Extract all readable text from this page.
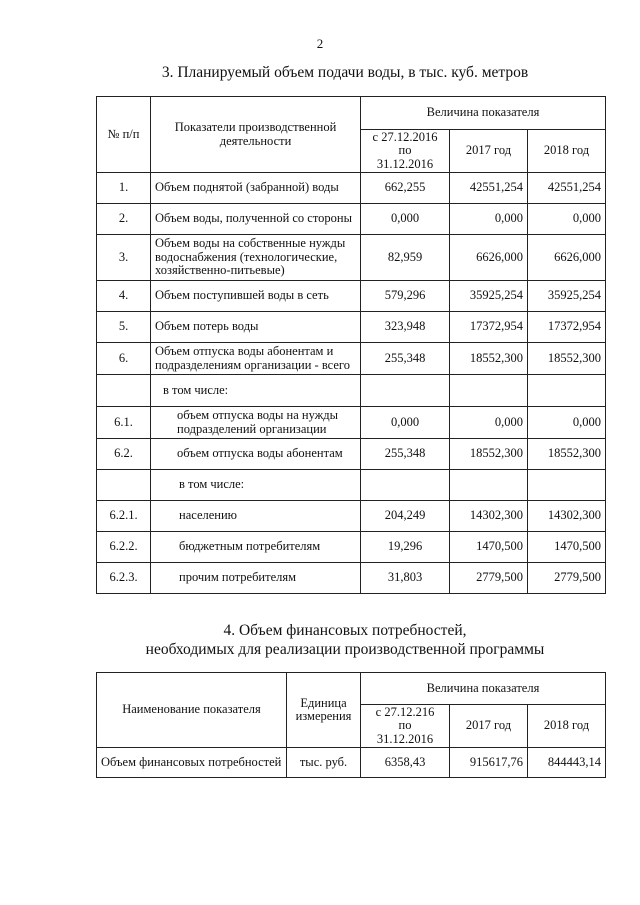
2
3. Планируемый объем подачи воды, в тыс. куб. метров
№ п/п	Показатели производственной деятельности	Величина показателя		
		с 27.12.2016 по 31.12.2016	2017 год	2018 год
1.	Объем поднятой (забранной) воды	662,255	42551,254	42551,254
2.	Объем воды, полученной со стороны	0,000	0,000	0,000
3.	Объем воды на собственные нужды водоснабжения (технологические, хозяйственно-питьевые)	82,959	6626,000	6626,000
4.	Объем поступившей воды в сеть	579,296	35925,254	35925,254
5.	Объем потерь воды	323,948	17372,954	17372,954
6.	Объем отпуска воды абонентам и подразделениям организации - всего	255,348	18552,300	18552,300
	в том числе:			
6.1.	объем отпуска воды на нужды подразделений организации	0,000	0,000	0,000
6.2.	объем отпуска воды абонентам	255,348	18552,300	18552,300
	в том числе:			
6.2.1.	населению	204,249	14302,300	14302,300
6.2.2.	бюджетным потребителям	19,296	1470,500	1470,500
6.2.3.	прочим потребителям	31,803	2779,500	2779,500
4. Объем финансовых потребностей,
необходимых для реализации производственной программы
Наименование показателя	Единица измерения	Величина показателя		
		с 27.12.216 по 31.12.2016	2017 год	2018 год
Объем финансовых потребностей	тыс. руб.	6358,43	915617,76	844443,14
